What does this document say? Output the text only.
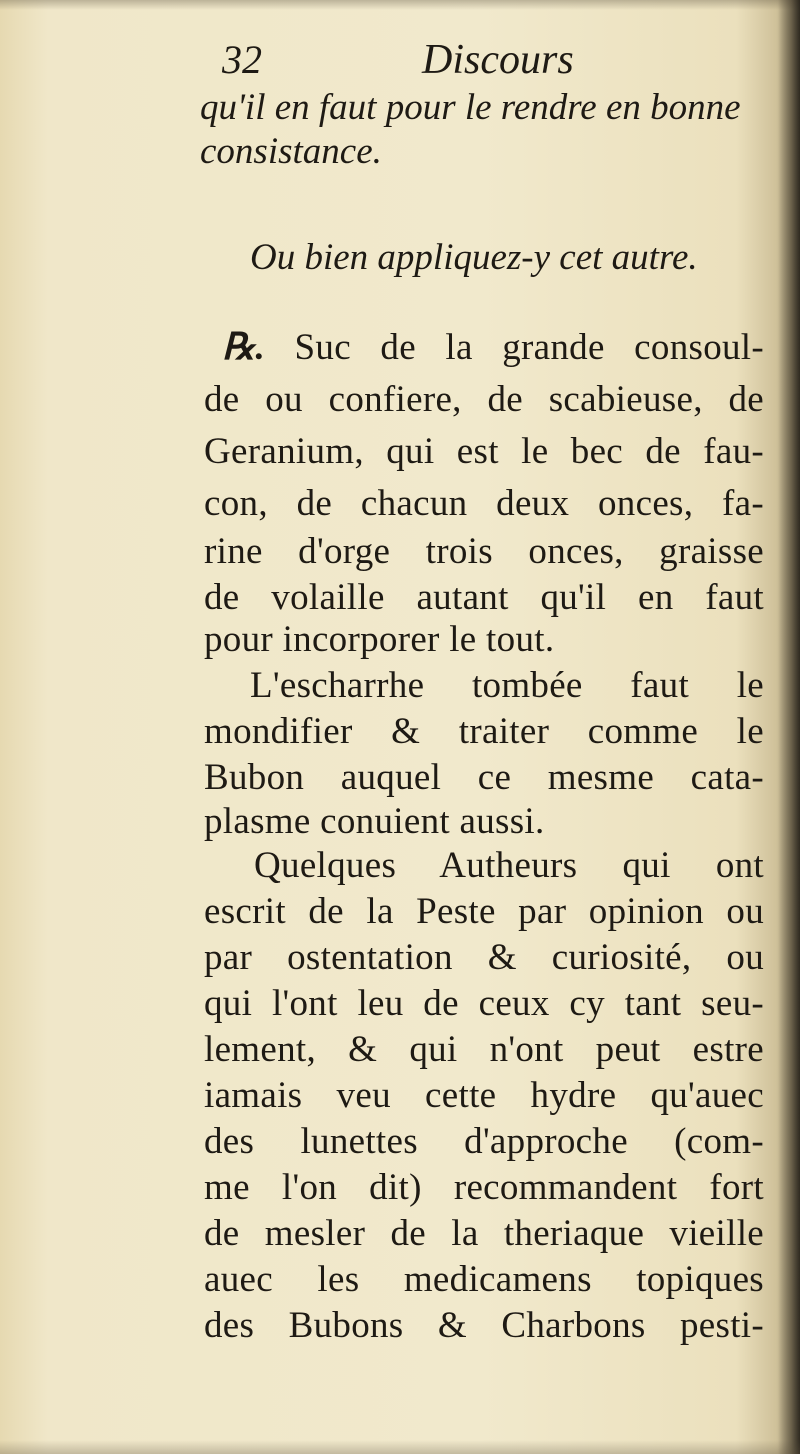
32	Discours
qu'il en faut pour le rendre en bonne
consistance.
Ou bien appliquez-y cet autre.
℞. Suc de la grande consoul-
de ou confiere, de scabieuse, de
Geranium, qui est le bec de fau-
con, de chacun deux onces, fa-
rine d'orge trois onces, graisse
de volaille autant qu'il en faut
pour incorporer le tout.
L'escharrhe tombée faut le
mondifier & traiter comme le
Bubon auquel ce mesme cata-
plasme conuient aussi.
Quelques Autheurs qui ont
escrit de la Peste par opinion ou
par ostentation & curiosité, ou
qui l'ont leu de ceux cy tant seu-
lement, & qui n'ont peut estre
iamais veu cette hydre qu'auec
des lunettes d'approche (com-
me l'on dit) recommandent fort
de mesler de la theriaque vieille
auec les medicamens topiques
des Bubons & Charbons pesti-
